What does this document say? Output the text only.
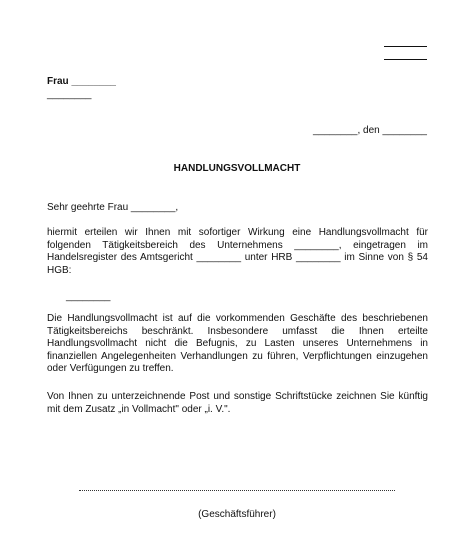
Frau ________
________
________, den ________
HANDLUNGSVOLLMACHT
Sehr geehrte Frau ________,
hiermit erteilen wir Ihnen mit sofortiger Wirkung eine Handlungsvollmacht für folgenden Tätigkeitsbereich des Unternehmens ________, eingetragen im Handelsregister des Amtsgericht ________ unter HRB ________ im Sinne von § 54 HGB:
________
Die Handlungsvollmacht ist auf die vorkommenden Geschäfte des beschriebenen Tätigkeitsbereichs beschränkt. Insbesondere umfasst die Ihnen erteilte Handlungsvollmacht nicht die Befugnis, zu Lasten unseres Unternehmens in finanziellen Angelegenheiten Verhandlungen zu führen, Verpflichtungen einzugehen oder Verfügungen zu treffen.
Von Ihnen zu unterzeichnende Post und sonstige Schriftstücke zeichnen Sie künftig mit dem Zusatz „in Vollmacht" oder „i. V.".
(Geschäftsführer)
